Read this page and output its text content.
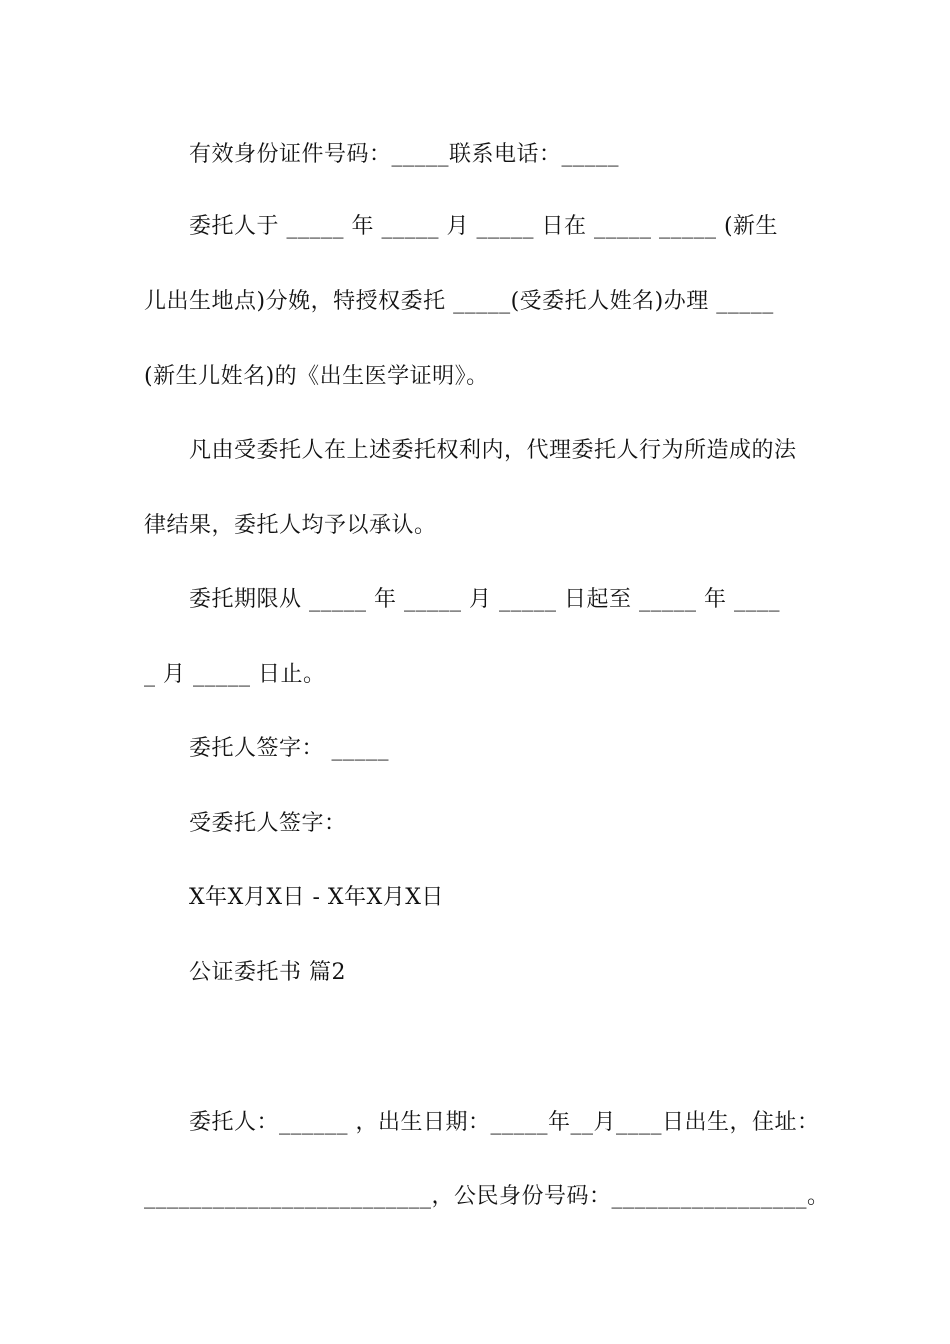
有效身份证件号码：_____联系电话：_____
委托人于 _____ 年 _____ 月 _____ 日在 _____ _____ (新生
儿出生地点)分娩，特授权委托 _____(受委托人姓名)办理 _____
(新生儿姓名)的《出生医学证明》。
凡由受委托人在上述委托权利内，代理委托人行为所造成的法
律结果，委托人均予以承认。
委托期限从 _____ 年 _____ 月 _____ 日起至 _____ 年 ____
_ 月 _____ 日止。
委托人签字： _____
受委托人签字：
X年X月X日 - X年X月X日
公证委托书 篇2
委托人：______ ，出生日期：_____年__月____日出生，住址：
_________________________，公民身份号码：_________________。
